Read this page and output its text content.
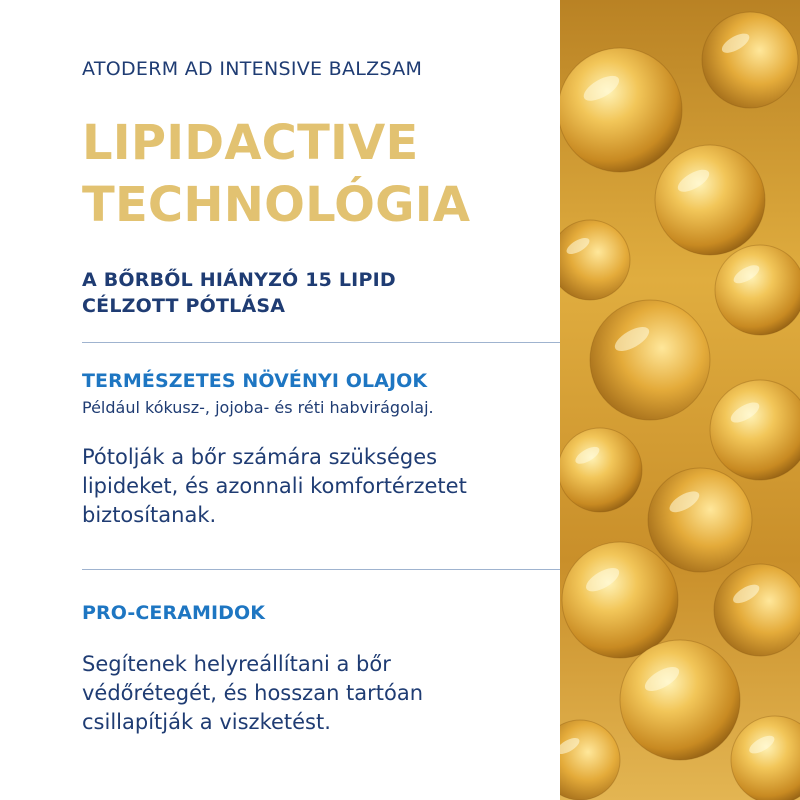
ATODERM AD INTENSIVE BALZSAM
LIPIDACTIVE
TECHNOLÓGIA
A BŐRBŐL HIÁNYZÓ 15 LIPID
CÉLZOTT PÓTLÁSA
TERMÉSZETES NÖVÉNYI OLAJOK

Például kókusz-, jojoba- és réti habvirágolaj.

Pótolják a bőr számára szükséges
lipideket, és azonnali komfortérzetet
biztosítanak.

PRO-CERAMIDOK

Segítenek helyreállítani a bőr
védőrétegét, és hosszan tartóan
csillapítják a viszketést.
